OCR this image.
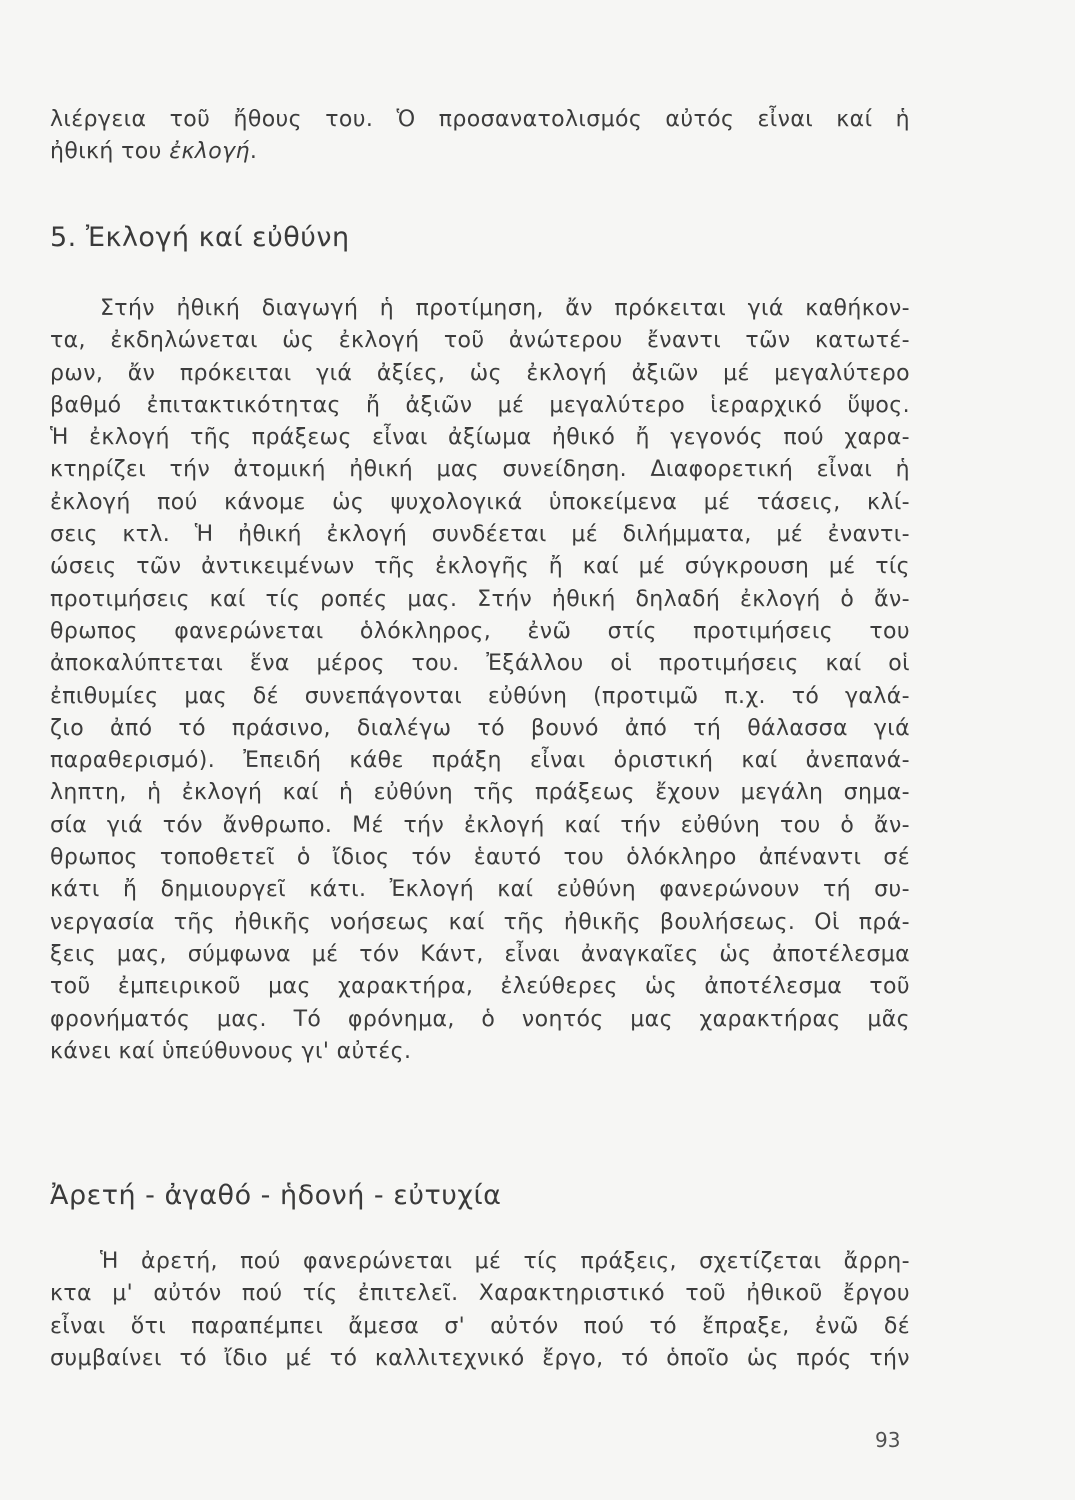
λιέργεια τοῦ ἤθους του. Ὁ προσανατολισμός αὐτός εἶναι καί ἡ
ἠθική του ἐκλογή.
5. Ἐκλογή καί εὐθύνη
Στήν ἠθική διαγωγή ἡ προτίμηση, ἄν πρόκειται γιά καθήκον-
τα, ἐκδηλώνεται ὡς ἐκλογή τοῦ ἀνώτερου ἔναντι τῶν κατωτέ-
ρων, ἄν πρόκειται γιά ἀξίες, ὡς ἐκλογή ἀξιῶν μέ μεγαλύτερο
βαθμό ἐπιτακτικότητας ἤ ἀξιῶν μέ μεγαλύτερο ἱεραρχικό ὕψος.
Ἡ ἐκλογή τῆς πράξεως εἶναι ἀξίωμα ἠθικό ἤ γεγονός πού χαρα-
κτηρίζει τήν ἀτομική ἠθική μας συνείδηση. Διαφορετική εἶναι ἡ
ἐκλογή πού κάνομε ὡς ψυχολογικά ὑποκείμενα μέ τάσεις, κλί-
σεις κτλ. Ἡ ἠθική ἐκλογή συνδέεται μέ διλήμματα, μέ ἐναντι-
ώσεις τῶν ἀντικειμένων τῆς ἐκλογῆς ἤ καί μέ σύγκρουση μέ τίς
προτιμήσεις καί τίς ροπές μας. Στήν ἠθική δηλαδή ἐκλογή ὁ ἄν-
θρωπος φανερώνεται ὁλόκληρος, ἐνῶ στίς προτιμήσεις του
ἀποκαλύπτεται ἕνα μέρος του. Ἐξάλλου οἱ προτιμήσεις καί οἱ
ἐπιθυμίες μας δέ συνεπάγονται εὐθύνη (προτιμῶ π.χ. τό γαλά-
ζιο ἀπό τό πράσινο, διαλέγω τό βουνό ἀπό τή θάλασσα γιά
παραθερισμό). Ἐπειδή κάθε πράξη εἶναι ὁριστική καί ἀνεπανά-
ληπτη, ἡ ἐκλογή καί ἡ εὐθύνη τῆς πράξεως ἔχουν μεγάλη σημα-
σία γιά τόν ἄνθρωπο. Μέ τήν ἐκλογή καί τήν εὐθύνη του ὁ ἄν-
θρωπος τοποθετεῖ ὁ ἴδιος τόν ἑαυτό του ὁλόκληρο ἀπέναντι σέ
κάτι ἤ δημιουργεῖ κάτι. Ἐκλογή καί εὐθύνη φανερώνουν τή συ-
νεργασία τῆς ἠθικῆς νοήσεως καί τῆς ἠθικῆς βουλήσεως. Οἱ πρά-
ξεις μας, σύμφωνα μέ τόν Κάντ, εἶναι ἀναγκαῖες ὡς ἀποτέλεσμα
τοῦ ἐμπειρικοῦ μας χαρακτήρα, ἐλεύθερες ὡς ἀποτέλεσμα τοῦ
φρονήματός μας. Τό φρόνημα, ὁ νοητός μας χαρακτήρας μᾶς
κάνει καί ὑπεύθυνους γι' αὐτές.
Ἀρετή - ἀγαθό - ἡδονή - εὐτυχία
Ἡ ἀρετή, πού φανερώνεται μέ τίς πράξεις, σχετίζεται ἄρρη-
κτα μ' αὐτόν πού τίς ἐπιτελεῖ. Χαρακτηριστικό τοῦ ἠθικοῦ ἔργου
εἶναι ὅτι παραπέμπει ἄμεσα σ' αὐτόν πού τό ἔπραξε, ἐνῶ δέ
συμβαίνει τό ἴδιο μέ τό καλλιτεχνικό ἔργο, τό ὁποῖο ὡς πρός τήν
93
